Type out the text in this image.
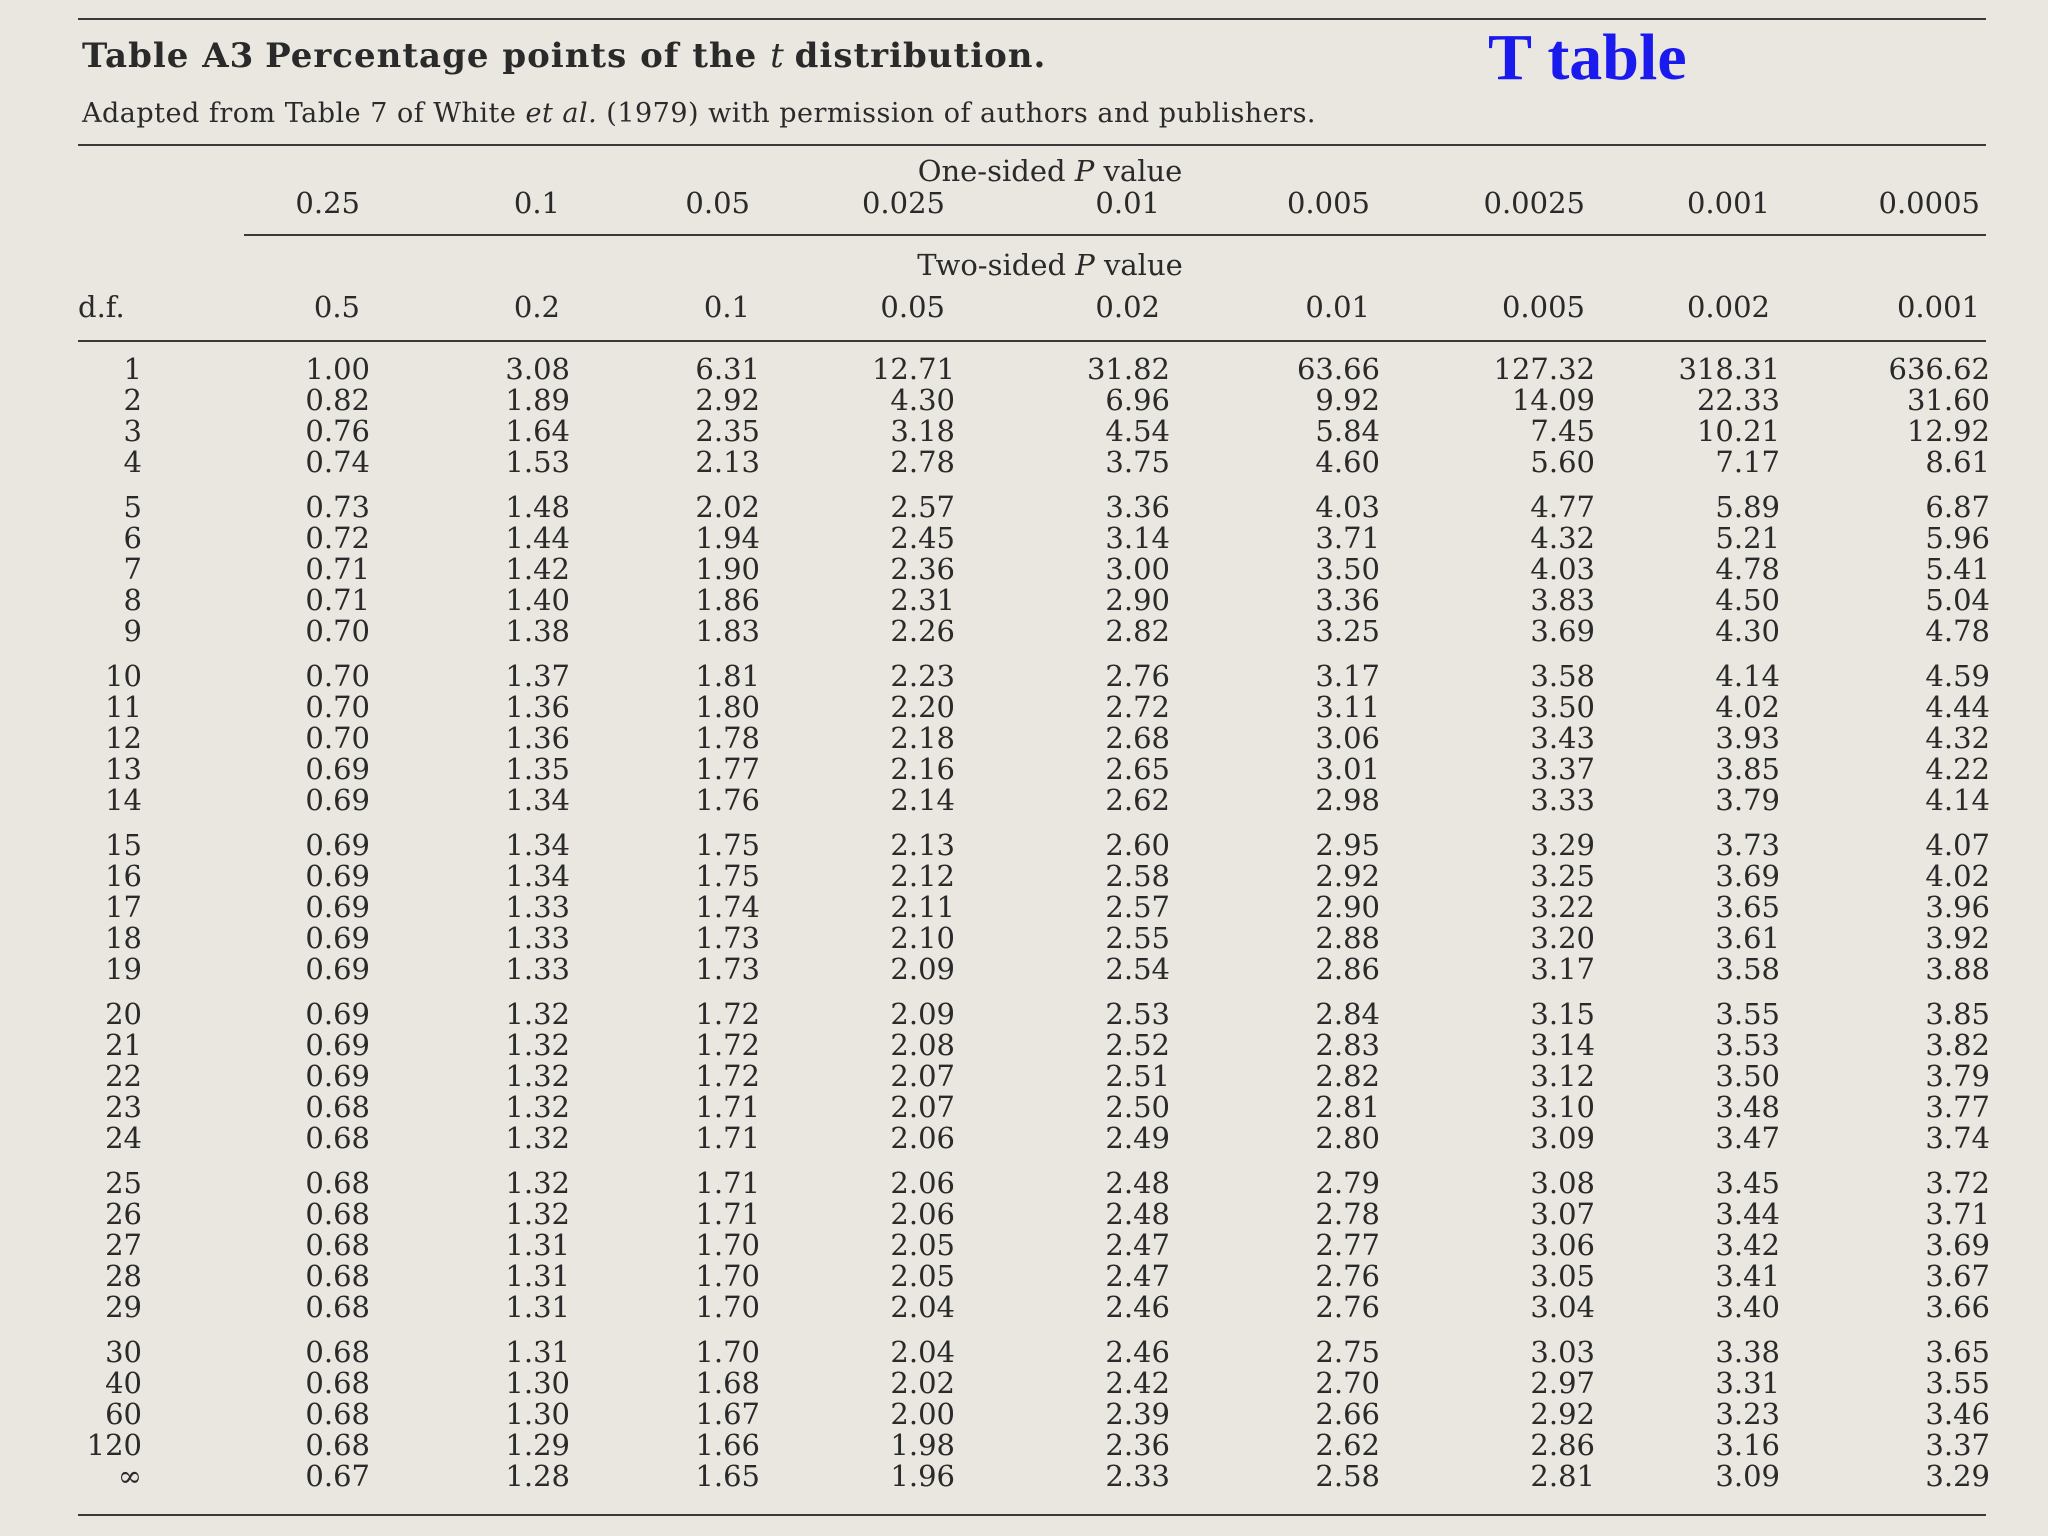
Table A3 Percentage points of the t distribution.	T table
Adapted from Table 7 of White et al. (1979) with permission of authors and publishers.
One-sided P value
0.25	0.1	0.05	0.025	0.01	0.005	0.0025	0.001	0.0005
Two-sided P value
d.f.	0.5	0.2	0.1	0.05	0.02	0.01	0.005	0.002	0.001
1	1.00	3.08	6.31	12.71	31.82	63.66	127.32	318.31	636.62
2	0.82	1.89	2.92	4.30	6.96	9.92	14.09	22.33	31.60
3	0.76	1.64	2.35	3.18	4.54	5.84	7.45	10.21	12.92
4	0.74	1.53	2.13	2.78	3.75	4.60	5.60	7.17	8.61
5	0.73	1.48	2.02	2.57	3.36	4.03	4.77	5.89	6.87
6	0.72	1.44	1.94	2.45	3.14	3.71	4.32	5.21	5.96
7	0.71	1.42	1.90	2.36	3.00	3.50	4.03	4.78	5.41
8	0.71	1.40	1.86	2.31	2.90	3.36	3.83	4.50	5.04
9	0.70	1.38	1.83	2.26	2.82	3.25	3.69	4.30	4.78
10	0.70	1.37	1.81	2.23	2.76	3.17	3.58	4.14	4.59
11	0.70	1.36	1.80	2.20	2.72	3.11	3.50	4.02	4.44
12	0.70	1.36	1.78	2.18	2.68	3.06	3.43	3.93	4.32
13	0.69	1.35	1.77	2.16	2.65	3.01	3.37	3.85	4.22
14	0.69	1.34	1.76	2.14	2.62	2.98	3.33	3.79	4.14
15	0.69	1.34	1.75	2.13	2.60	2.95	3.29	3.73	4.07
16	0.69	1.34	1.75	2.12	2.58	2.92	3.25	3.69	4.02
17	0.69	1.33	1.74	2.11	2.57	2.90	3.22	3.65	3.96
18	0.69	1.33	1.73	2.10	2.55	2.88	3.20	3.61	3.92
19	0.69	1.33	1.73	2.09	2.54	2.86	3.17	3.58	3.88
20	0.69	1.32	1.72	2.09	2.53	2.84	3.15	3.55	3.85
21	0.69	1.32	1.72	2.08	2.52	2.83	3.14	3.53	3.82
22	0.69	1.32	1.72	2.07	2.51	2.82	3.12	3.50	3.79
23	0.68	1.32	1.71	2.07	2.50	2.81	3.10	3.48	3.77
24	0.68	1.32	1.71	2.06	2.49	2.80	3.09	3.47	3.74
25	0.68	1.32	1.71	2.06	2.48	2.79	3.08	3.45	3.72
26	0.68	1.32	1.71	2.06	2.48	2.78	3.07	3.44	3.71
27	0.68	1.31	1.70	2.05	2.47	2.77	3.06	3.42	3.69
28	0.68	1.31	1.70	2.05	2.47	2.76	3.05	3.41	3.67
29	0.68	1.31	1.70	2.04	2.46	2.76	3.04	3.40	3.66
30	0.68	1.31	1.70	2.04	2.46	2.75	3.03	3.38	3.65
40	0.68	1.30	1.68	2.02	2.42	2.70	2.97	3.31	3.55
60	0.68	1.30	1.67	2.00	2.39	2.66	2.92	3.23	3.46
120	0.68	1.29	1.66	1.98	2.36	2.62	2.86	3.16	3.37
∞	0.67	1.28	1.65	1.96	2.33	2.58	2.81	3.09	3.29
